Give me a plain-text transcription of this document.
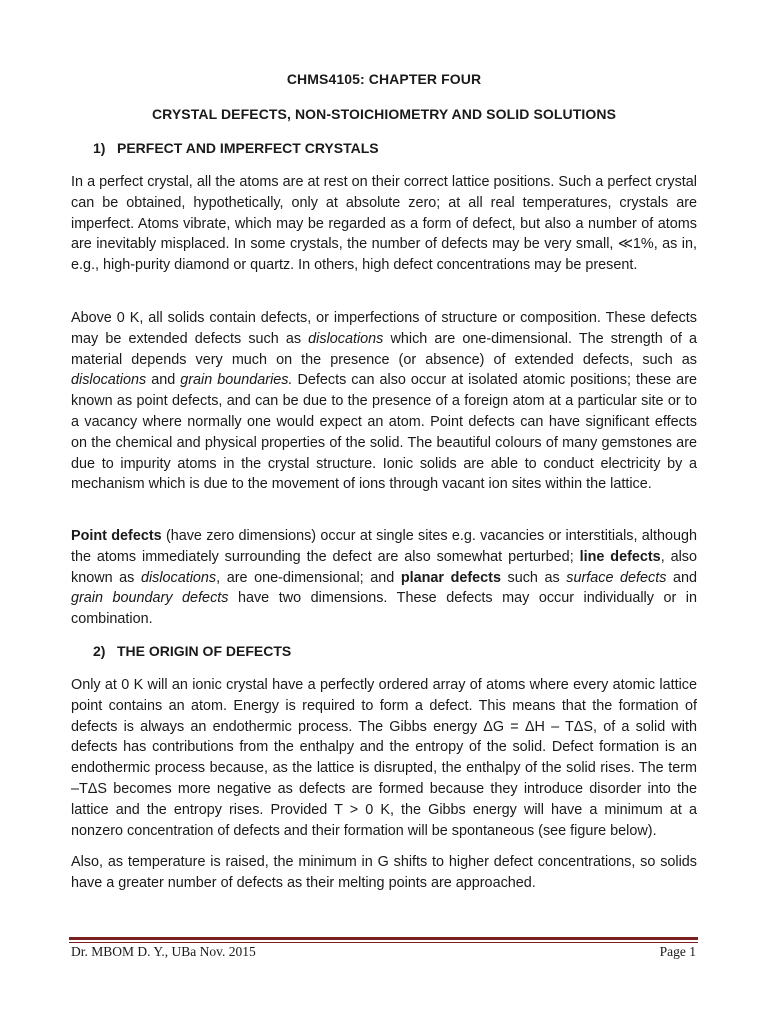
CHMS4105: CHAPTER FOUR
CRYSTAL DEFECTS, NON-STOICHIOMETRY AND SOLID SOLUTIONS
1) PERFECT AND IMPERFECT CRYSTALS

In a perfect crystal, all the atoms are at rest on their correct lattice positions. Such a perfect crystal can be obtained, hypothetically, only at absolute zero; at all real temperatures, crystals are imperfect. Atoms vibrate, which may be regarded as a form of defect, but also a number of atoms are inevitably misplaced. In some crystals, the number of defects may be very small, ≪1%, as in, e.g., high-purity diamond or quartz. In others, high defect concentrations may be present.

Above 0 K, all solids contain defects, or imperfections of structure or composition. These defects may be extended defects such as dislocations which are one-dimensional. The strength of a material depends very much on the presence (or absence) of extended defects, such as dislocations and grain boundaries. Defects can also occur at isolated atomic positions; these are known as point defects, and can be due to the presence of a foreign atom at a particular site or to a vacancy where normally one would expect an atom. Point defects can have significant effects on the chemical and physical properties of the solid. The beautiful colours of many gemstones are due to impurity atoms in the crystal structure. Ionic solids are able to conduct electricity by a mechanism which is due to the movement of ions through vacant ion sites within the lattice.

Point defects (have zero dimensions) occur at single sites e.g. vacancies or interstitials, although the atoms immediately surrounding the defect are also somewhat perturbed; line defects, also known as dislocations, are one-dimensional; and planar defects such as surface defects and grain boundary defects have two dimensions. These defects may occur individually or in combination.

2) THE ORIGIN OF DEFECTS

Only at 0 K will an ionic crystal have a perfectly ordered array of atoms where every atomic lattice point contains an atom. Energy is required to form a defect. This means that the formation of defects is always an endothermic process. The Gibbs energy ΔG = ΔH – TΔS, of a solid with defects has contributions from the enthalpy and the entropy of the solid. Defect formation is an endothermic process because, as the lattice is disrupted, the enthalpy of the solid rises. The term –TΔS becomes more negative as defects are formed because they introduce disorder into the lattice and the entropy rises. Provided T > 0 K, the Gibbs energy will have a minimum at a nonzero concentration of defects and their formation will be spontaneous (see figure below).

Also, as temperature is raised, the minimum in G shifts to higher defect concentrations, so solids have a greater number of defects as their melting points are approached.

Dr. MBOM D. Y., UBa Nov. 2015	Page 1
